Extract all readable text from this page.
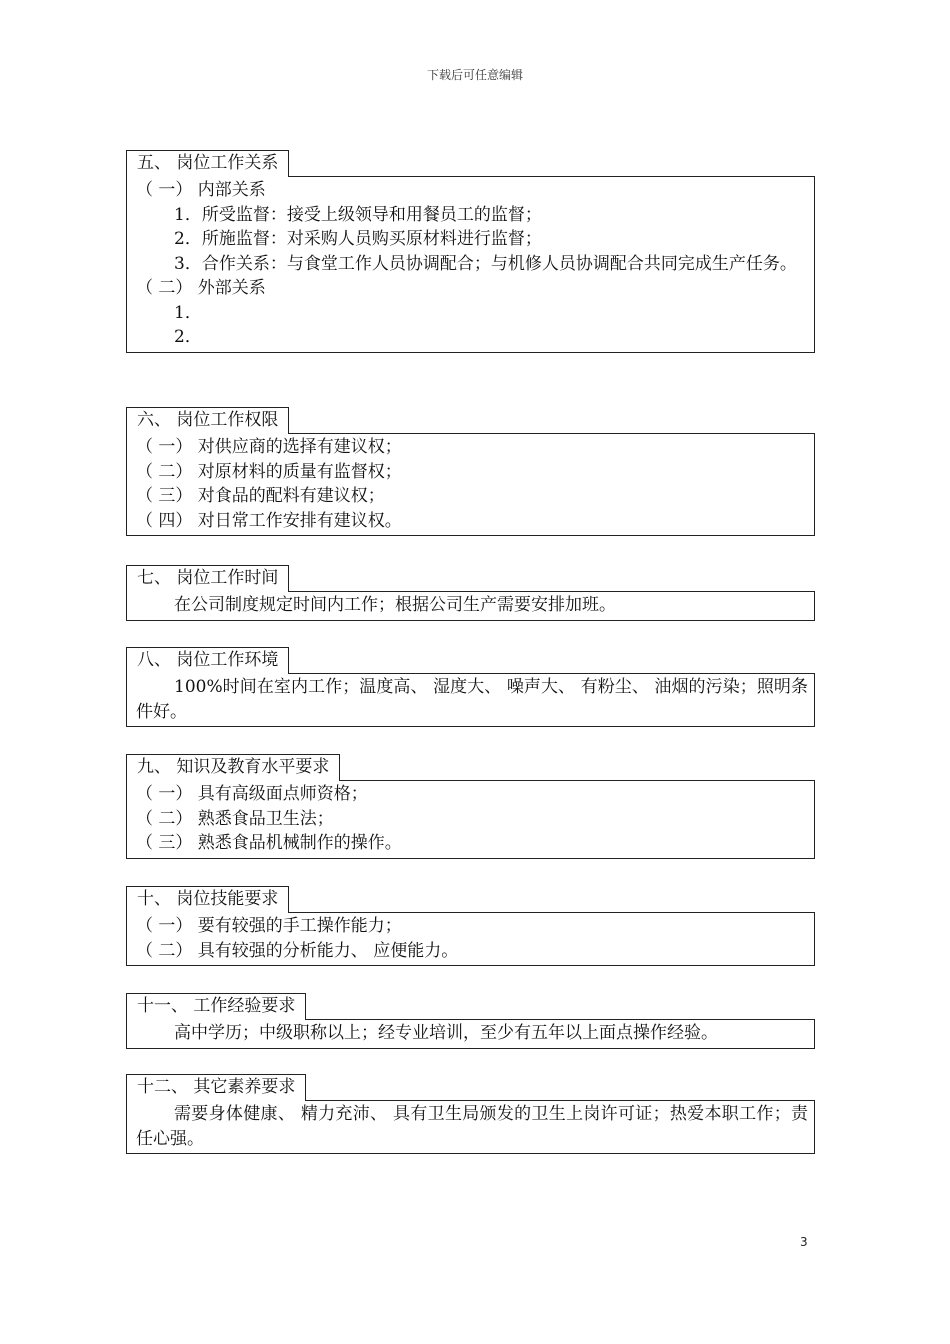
下载后可任意编辑
五、 岗位工作关系
（ 一） 内部关系
1．所受监督：接受上级领导和用餐员工的监督；
2．所施监督：对采购人员购买原材料进行监督；
3．合作关系：与食堂工作人员协调配合；与机修人员协调配合共同完成生产任务。
（ 二） 外部关系
1．
2．
六、 岗位工作权限
（ 一） 对供应商的选择有建议权；
（ 二） 对原材料的质量有监督权；
（ 三） 对食品的配料有建议权；
（ 四） 对日常工作安排有建议权。
七、 岗位工作时间
在公司制度规定时间内工作；根据公司生产需要安排加班。
八、 岗位工作环境
100%时间在室内工作；温度高、 湿度大、 噪声大、 有粉尘、 油烟的污染；照明条件好。
九、 知识及教育水平要求
（ 一） 具有高级面点师资格；
（ 二） 熟悉食品卫生法；
（ 三） 熟悉食品机械制作的操作。
十、 岗位技能要求
（ 一） 要有较强的手工操作能力；
（ 二） 具有较强的分析能力、 应便能力。
十一、 工作经验要求
高中学历；中级职称以上；经专业培训，至少有五年以上面点操作经验。
十二、 其它素养要求
需要身体健康、 精力充沛、 具有卫生局颁发的卫生上岗许可证；热爱本职工作；责任心强。
3
